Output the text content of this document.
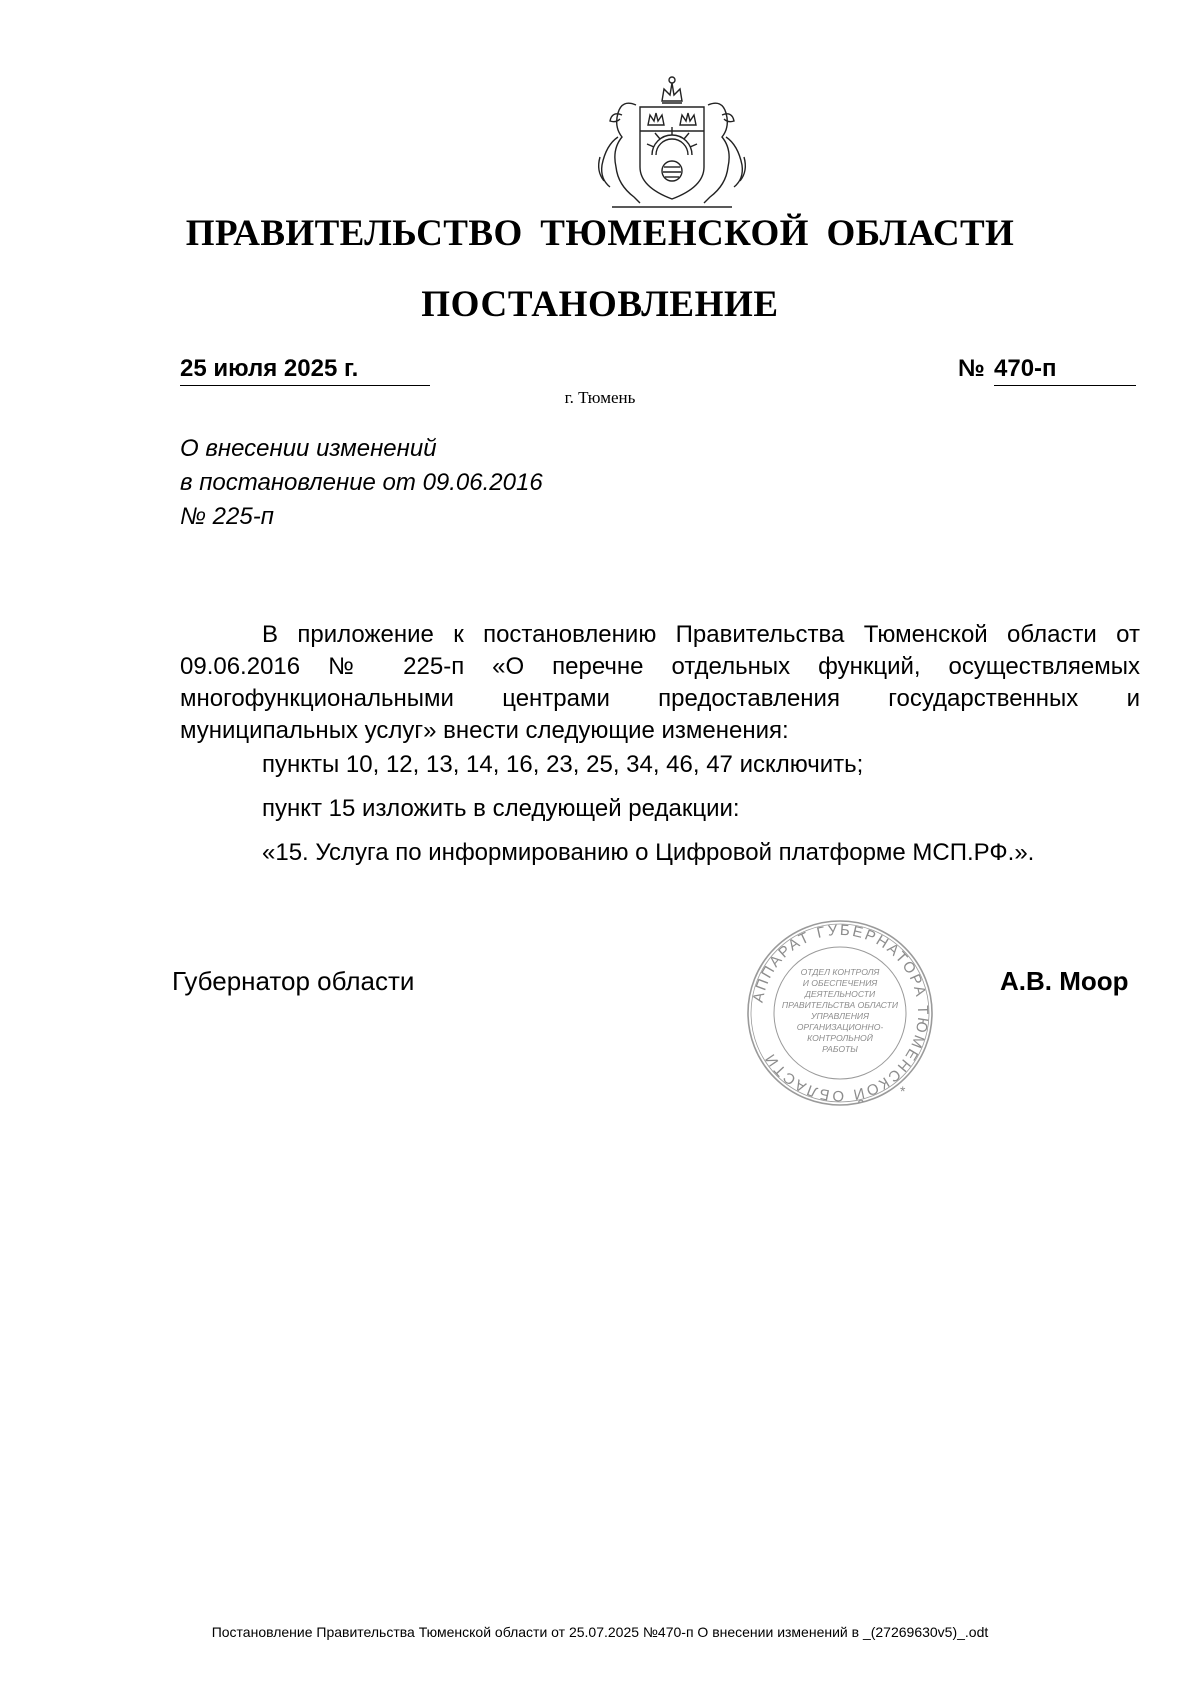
ПРАВИТЕЛЬСТВО ТЮМЕНСКОЙ ОБЛАСТИ
ПОСТАНОВЛЕНИЕ
25 июля 2025 г.	№ 470-п
г. Тюмень
О внесении изменений
в постановление от 09.06.2016
№ 225-п
В приложение к постановлению Правительства Тюменской области от 09.06.2016 № 225-п «О перечне отдельных функций, осуществляемых многофункциональными центрами предоставления государственных и муниципальных услуг» внести следующие изменения:
пункты 10, 12, 13, 14, 16, 23, 25, 34, 46, 47 исключить;
пункт 15 изложить в следующей редакции:
«15. Услуга по информированию о Цифровой платформе МСП.РФ.».
АППАРАТ ГУБЕРНАТОРА ТЮМЕНСКОЙ ОБЛАСТИ
*
ОТДЕЛ КОНТРОЛЯ
И ОБЕСПЕЧЕНИЯ
ДЕЯТЕЛЬНОСТИ
ПРАВИТЕЛЬСТВА ОБЛАСТИ
УПРАВЛЕНИЯ
ОРГАНИЗАЦИОННО-
КОНТРОЛЬНОЙ
РАБОТЫ
Губернатор области	А.В. Моор
Постановление Правительства Тюменской области от 25.07.2025 №470-п О внесении изменений в _(27269630v5)_.odt
